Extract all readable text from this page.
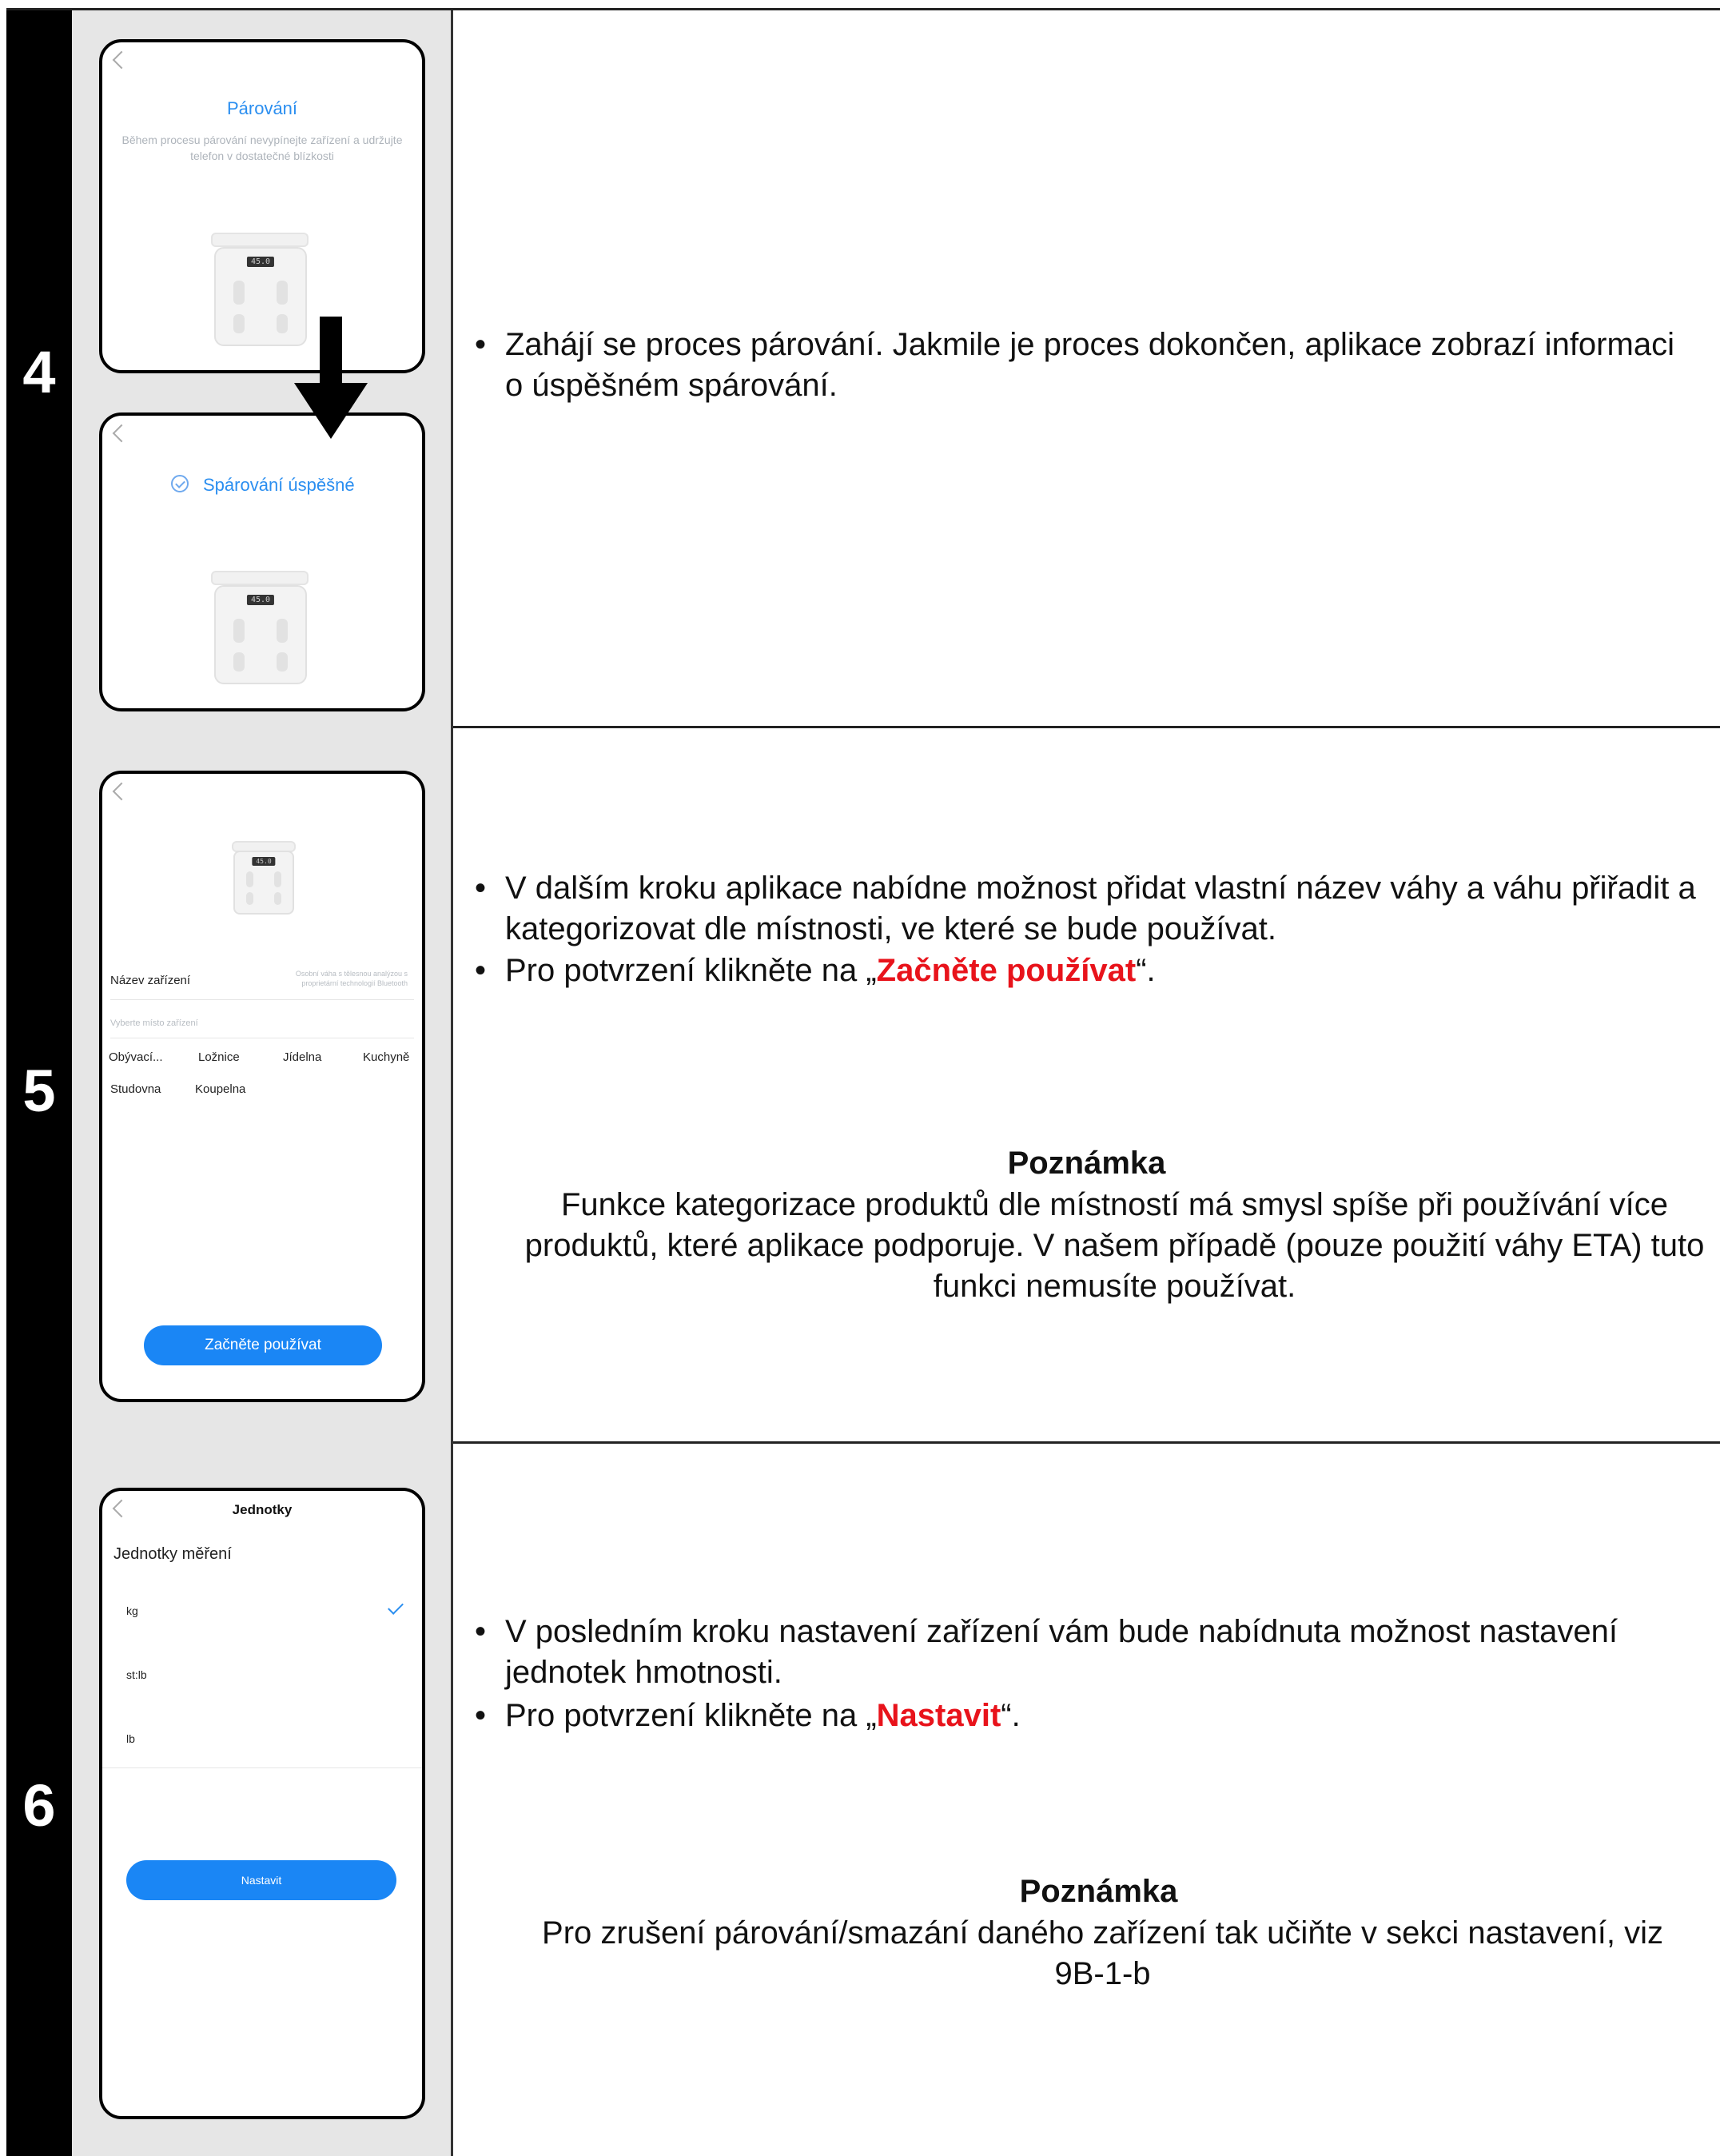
4
5
6
Párování
Během procesu párování nevypínejte zařízení a udržujte telefon v dostatečné blízkosti
45.0
Spárování úspěšné
45.0
• Zahájí se proces párování. Jakmile je proces dokončen, aplikace zobrazí informaci o úspěšném spárování.
45.0
Název zařízení	Osobní váha s tělesnou analýzou s proprietární technologií Bluetooth
Vyberte místo zařízení
Obývací...	Ložnice	Jídelna	Kuchyně
Studovna	Koupelna
Začněte používat
• V dalším kroku aplikace nabídne možnost přidat vlastní název váhy a váhu přiřadit a kategorizovat dle místnosti, ve které se bude používat.
• Pro potvrzení klikněte na „Začněte používat“.
Poznámka
Funkce kategorizace produktů dle místností má smysl spíše při používání více produktů, které aplikace podporuje. V našem případě (pouze použití váhy ETA) tuto funkci nemusíte používat.
Jednotky
Jednotky měření
kg
st:lb
lb
Nastavit
• V posledním kroku nastavení zařízení vám bude nabídnuta možnost nastavení jednotek hmotnosti.
• Pro potvrzení klikněte na „Nastavit“.
Poznámka
Pro zrušení párování/smazání daného zařízení tak učiňte v sekci nastavení, viz 9B-1-b
